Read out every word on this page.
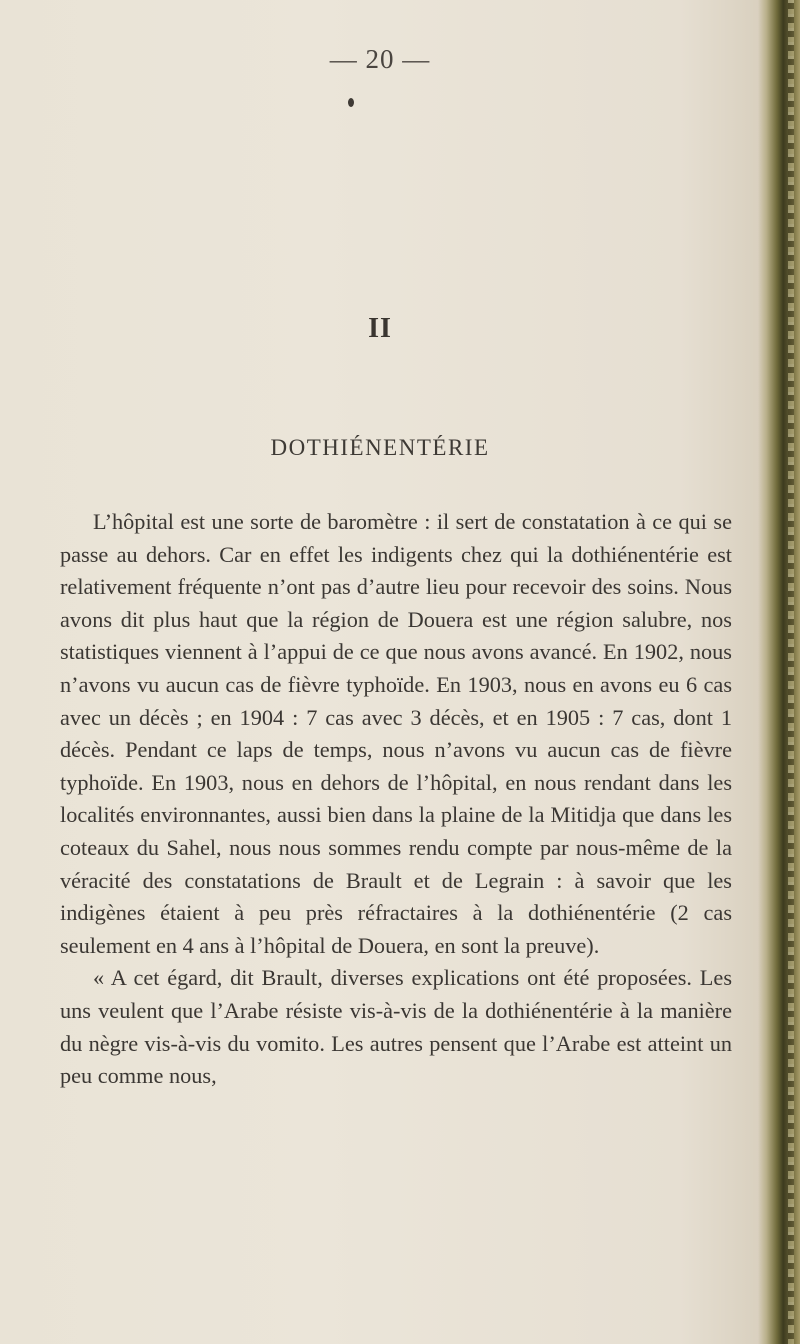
— 20 —
II
DOTHIÉNENTÉRIE

L’hôpital est une sorte de baromètre : il sert de constatation à ce qui se passe au dehors. Car en effet les indigents chez qui la dothiénentérie est relativement fréquente n’ont pas d’autre lieu pour recevoir des soins. Nous avons dit plus haut que la région de Douera est une région salubre, nos statistiques viennent à l’appui de ce que nous avons avancé. En 1902, nous n’avons vu aucun cas de fièvre typhoïde. En 1903, nous en avons eu 6 cas avec un décès ; en 1904 : 7 cas avec 3 décès, et en 1905 : 7 cas, dont 1 décès. Pendant ce laps de temps, nous n’avons vu aucun cas de fièvre typhoïde. En 1903, nous en dehors de l’hôpital, en nous rendant dans les localités environnantes, aussi bien dans la plaine de la Mitidja que dans les coteaux du Sahel, nous nous sommes rendu compte par nous-même de la véracité des constatations de Brault et de Legrain : à savoir que les indigènes étaient à peu près réfractaires à la dothiénentérie (2 cas seulement en 4 ans à l’hôpital de Douera, en sont la preuve).

« A cet égard, dit Brault, diverses explications ont été proposées. Les uns veulent que l’Arabe résiste vis-à-vis de la dothiénentérie à la manière du nègre vis-à-vis du vomito. Les autres pensent que l’Arabe est atteint un peu comme nous,
